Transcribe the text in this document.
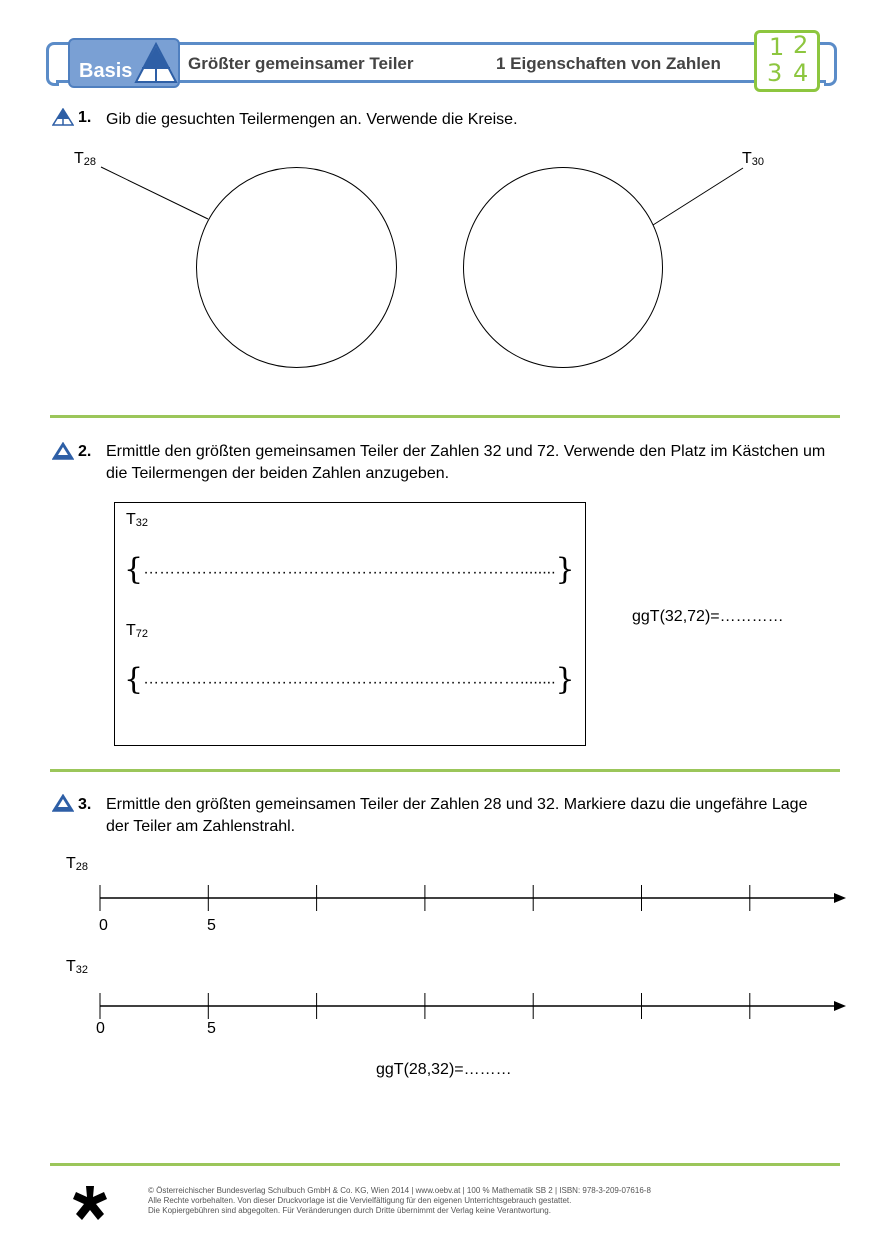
Basis	Größter gemeinsamer Teiler	1 Eigenschaften von Zahlen
1 2
3 4
1. Gib die gesuchten Teilermengen an. Verwende die Kreise.
$T_{28}$	$T_{30}$
2. Ermittle den größten gemeinsamen Teiler der Zahlen 32 und 72. Verwende den Platz im Kästchen um die Teilermengen der beiden Zahlen anzugeben.
$T_{32}$
{……………………………………………..………………........}
$T_{72}$
{……………………………………………..………………........}
ggT(32,72)=…………
3. Ermittle den größten gemeinsamen Teiler der Zahlen 28 und 32. Markiere dazu die ungefähre Lage der Teiler am Zahlenstrahl.
$T_{28}$
$T_{32}$
0	5
0	5
ggT(28,32)=………
© Österreichischer Bundesverlag Schulbuch GmbH & Co. KG, Wien 2014 | www.oebv.at | 100 % Mathematik SB 2 | ISBN: 978-3-209-07616-8
Alle Rechte vorbehalten. Von dieser Druckvorlage ist die Vervielfältigung für den eigenen Unterrichtsgebrauch gestattet.
Die Kopiergebühren sind abgegolten. Für Veränderungen durch Dritte übernimmt der Verlag keine Verantwortung.
